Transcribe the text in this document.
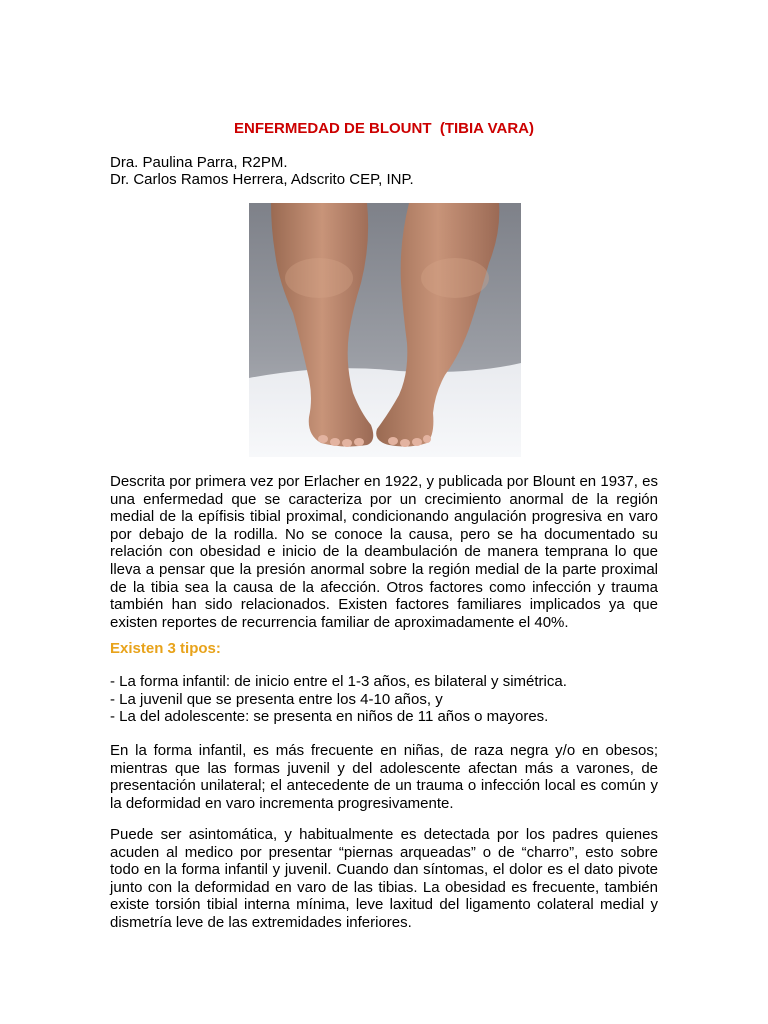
ENFERMEDAD DE BLOUNT  (TIBIA VARA)
Dra. Paulina Parra, R2PM.
Dr. Carlos Ramos Herrera, Adscrito CEP, INP.
Descrita por primera vez por Erlacher en 1922, y publicada por Blount en 1937, es una enfermedad que se caracteriza por un crecimiento anormal de la región medial de la epífisis tibial proximal, condicionando angulación progresiva en varo por debajo de la rodilla. No se conoce la causa, pero se ha documentado su relación con obesidad e inicio de la deambulación de manera temprana lo que lleva a pensar que la presión anormal sobre la región medial de la parte proximal de la tibia sea la causa de la afección. Otros factores como infección y trauma también han sido relacionados. Existen factores familiares implicados ya que existen reportes de recurrencia familiar de aproximadamente el 40%.
Existen 3 tipos:
- La forma infantil: de inicio entre el 1-3 años, es bilateral y simétrica.
- La juvenil que se presenta entre los 4-10 años, y
- La del adolescente: se presenta en niños de 11 años o mayores.
En la forma infantil, es más frecuente en niñas, de raza negra y/o en obesos; mientras que las formas juvenil y del adolescente afectan más a varones, de presentación unilateral; el antecedente de un trauma o infección local es común y la deformidad en varo incrementa progresivamente.
Puede ser asintomática, y habitualmente es detectada por los padres quienes acuden al medico por presentar “piernas arqueadas” o de “charro”, esto sobre todo en la forma infantil y juvenil. Cuando dan síntomas, el dolor es el dato pivote junto con la deformidad en varo de las tibias. La obesidad es frecuente, también existe torsión tibial interna mínima, leve laxitud del ligamento colateral medial y dismetría leve de las extremidades inferiores.
